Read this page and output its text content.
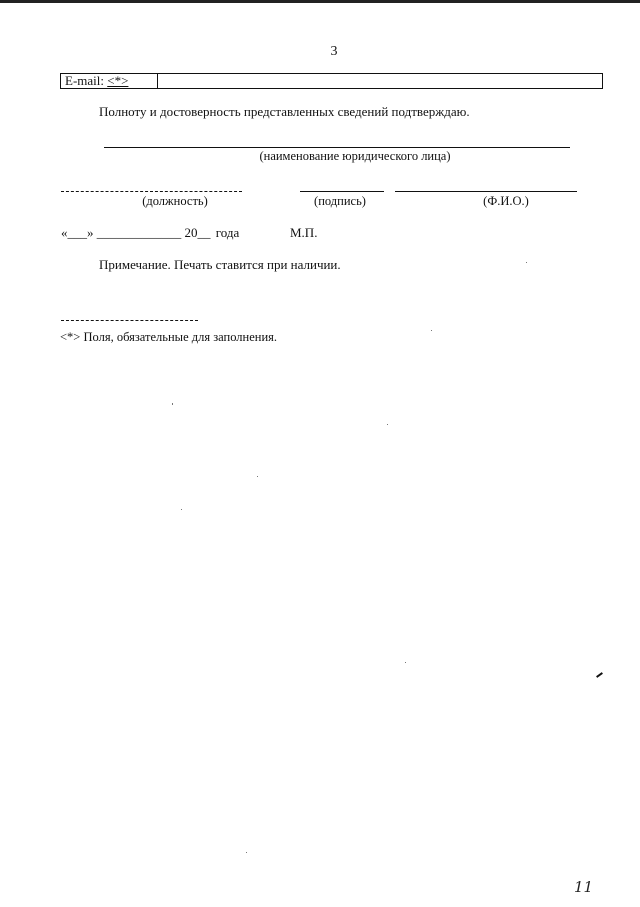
3
E-mail: <*>
Полноту и достоверность представленных сведений подтверждаю.
(наименование юридического лица)
(должность)	(подпись)	(Ф.И.О.)
«___» _____________ 20__ года	М.П.
Примечание. Печать ставится при наличии.
<*> Поля, обязательные для заполнения.
11
